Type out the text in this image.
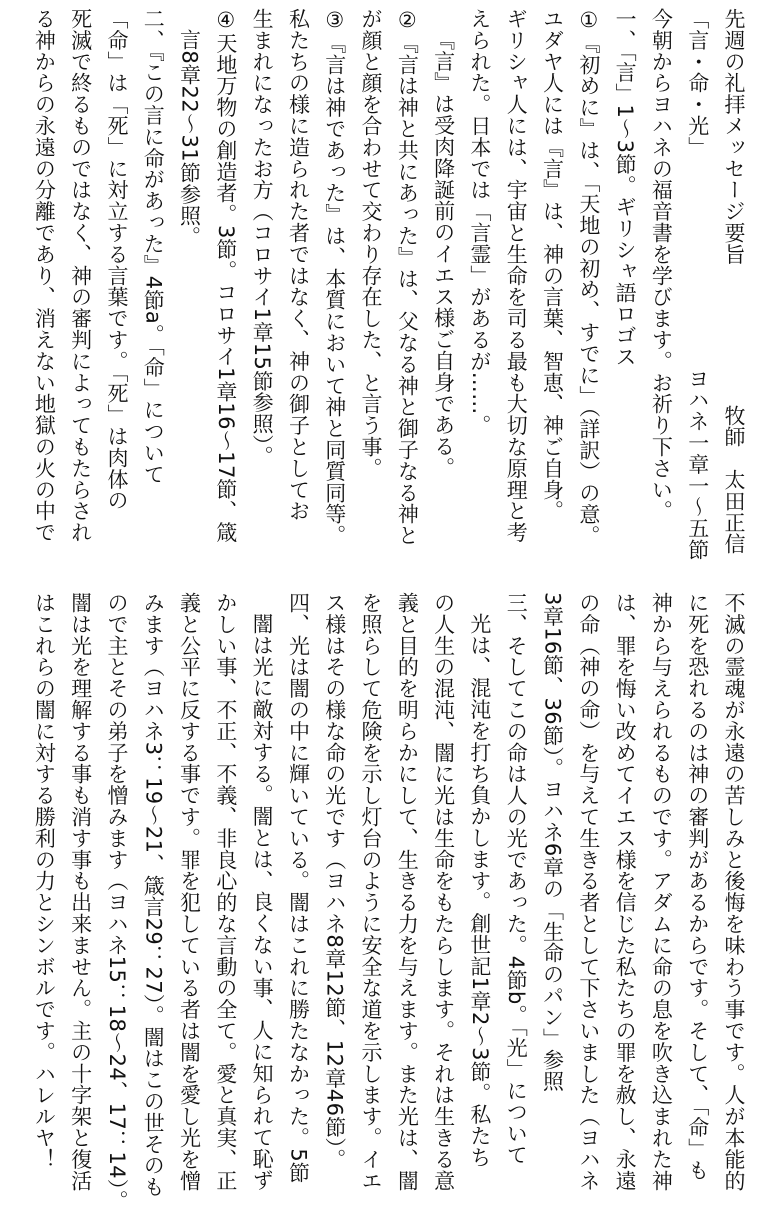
先週の礼拝メッセージ要旨牧師　太田正信

「言・命・光」ヨハネ一章一～五節

今朝からヨハネの福音書を学びます。お祈り下さい。

一、「言」1～3節。ギリシャ語ロゴス

①『初めに』は、「天地の初め、すでに」（詳訳）の意。

ユダヤ人には『言』は、神の言葉、智恵、神ご自身。

ギリシャ人には、宇宙と生命を司る最も大切な原理と考

えられた。日本では「言霊」があるが……。

『言』は受肉降誕前のイエス様ご自身である。

②『言は神と共にあった』は、父なる神と御子なる神と

が顔と顔を合わせて交わり存在した、と言う事。

③『言は神であった』は、本質において神と同質同等。

私たちの様に造られた者ではなく、神の御子としてお

生まれになったお方（コロサイ1章15節参照）。

④天地万物の創造者。3節。コロサイ1章16～17節、箴

言8章22～31節参照。

二、『この言に命があった』4節a。「命」について

「命」は「死」に対立する言葉です。「死」は肉体の

死滅で終るものではなく、神の審判によってもたらされ

る神からの永遠の分離であり、消えない地獄の火の中で

不滅の霊魂が永遠の苦しみと後悔を味わう事です。人が本能的

に死を恐れるのは神の審判があるからです。そして、「命」も

神から与えられるものです。アダムに命の息を吹き込まれた神

は、罪を悔い改めてイエス様を信じた私たちの罪を赦し、永遠

の命（神の命）を与えて生きる者として下さいました（ヨハネ

3章16節、36節）。ヨハネ6章の「生命のパン」参照

三、そしてこの命は人の光であった。4節b。「光」について

光は、混沌を打ち負かします。創世記1章2～3節。私たち

の人生の混沌、闇に光は生命をもたらします。それは生きる意

義と目的を明らかにして、生きる力を与えます。また光は、闇

を照らして危険を示し灯台のように安全な道を示します。イエ

ス様はその様な命の光です（ヨハネ8章12節、12章46節）。

四、光は闇の中に輝いている。闇はこれに勝たなかった。5節

闇は光に敵対する。闇とは、良くない事、人に知られて恥ず

かしい事、不正、不義、非良心的な言動の全て。愛と真実、正

義と公平に反する事です。罪を犯している者は闇を愛し光を憎

みます（ヨハネ3：19～21、箴言29：27）。闇はこの世そのも

ので主とその弟子を憎みます（ヨハネ15：18～24、17：14）。

闇は光を理解する事も消す事も出来ません。主の十字架と復活

はこれらの闇に対する勝利の力とシンボルです。ハレルヤ！
